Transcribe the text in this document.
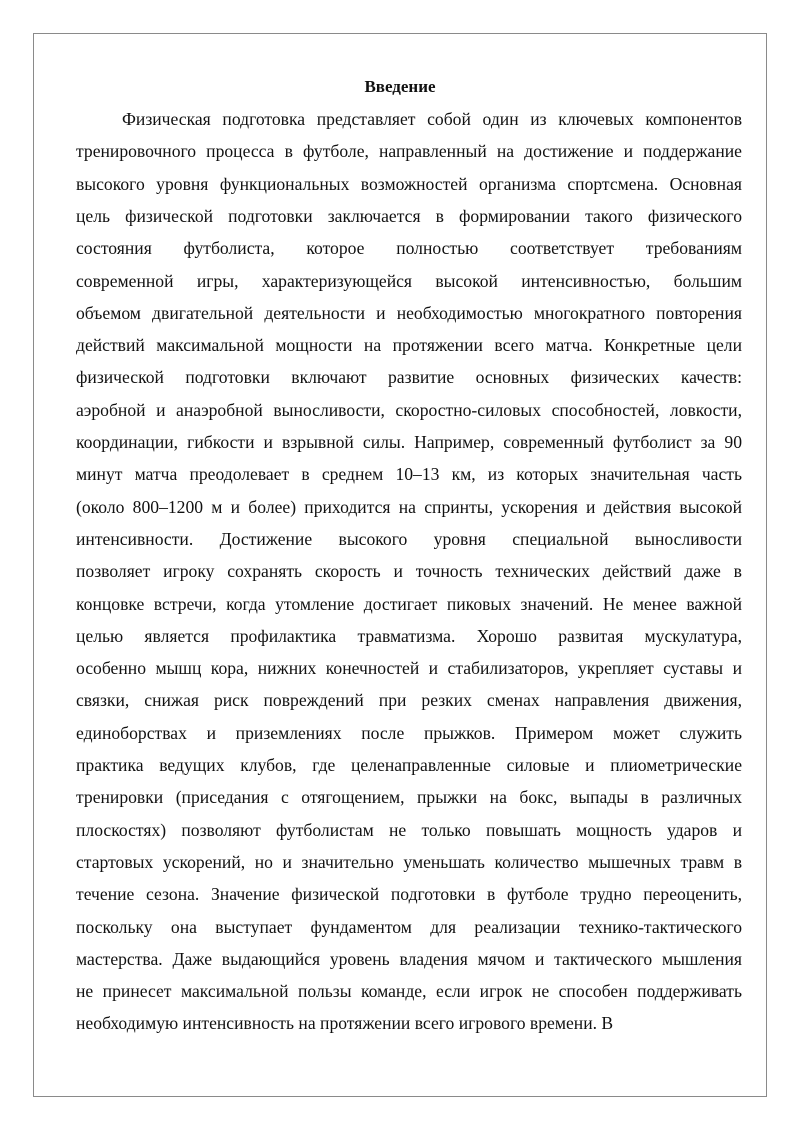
Введение
Физическая подготовка представляет собой один из ключевых компонентов
тренировочного процесса в футболе, направленный на достижение и поддержание
высокого уровня функциональных возможностей организма спортсмена. Основная
цель физической подготовки заключается в формировании такого физического
состояния футболиста, которое полностью соответствует требованиям
современной игры, характеризующейся высокой интенсивностью, большим
объемом двигательной деятельности и необходимостью многократного повторения
действий максимальной мощности на протяжении всего матча. Конкретные цели
физической подготовки включают развитие основных физических качеств:
аэробной и анаэробной выносливости, скоростно-силовых способностей, ловкости,
координации, гибкости и взрывной силы. Например, современный футболист за 90
минут матча преодолевает в среднем 10–13 км, из которых значительная часть
(около 800–1200 м и более) приходится на спринты, ускорения и действия высокой
интенсивности. Достижение высокого уровня специальной выносливости
позволяет игроку сохранять скорость и точность технических действий даже в
концовке встречи, когда утомление достигает пиковых значений. Не менее важной
целью является профилактика травматизма. Хорошо развитая мускулатура,
особенно мышц кора, нижних конечностей и стабилизаторов, укрепляет суставы и
связки, снижая риск повреждений при резких сменах направления движения,
единоборствах и приземлениях после прыжков. Примером может служить
практика ведущих клубов, где целенаправленные силовые и плиометрические
тренировки (приседания с отягощением, прыжки на бокс, выпады в различных
плоскостях) позволяют футболистам не только повышать мощность ударов и
стартовых ускорений, но и значительно уменьшать количество мышечных травм в
течение сезона. Значение физической подготовки в футболе трудно переоценить,
поскольку она выступает фундаментом для реализации технико-тактического
мастерства. Даже выдающийся уровень владения мячом и тактического мышления
не принесет максимальной пользы команде, если игрок не способен поддерживать
необходимую интенсивность на протяжении всего игрового времени. В
